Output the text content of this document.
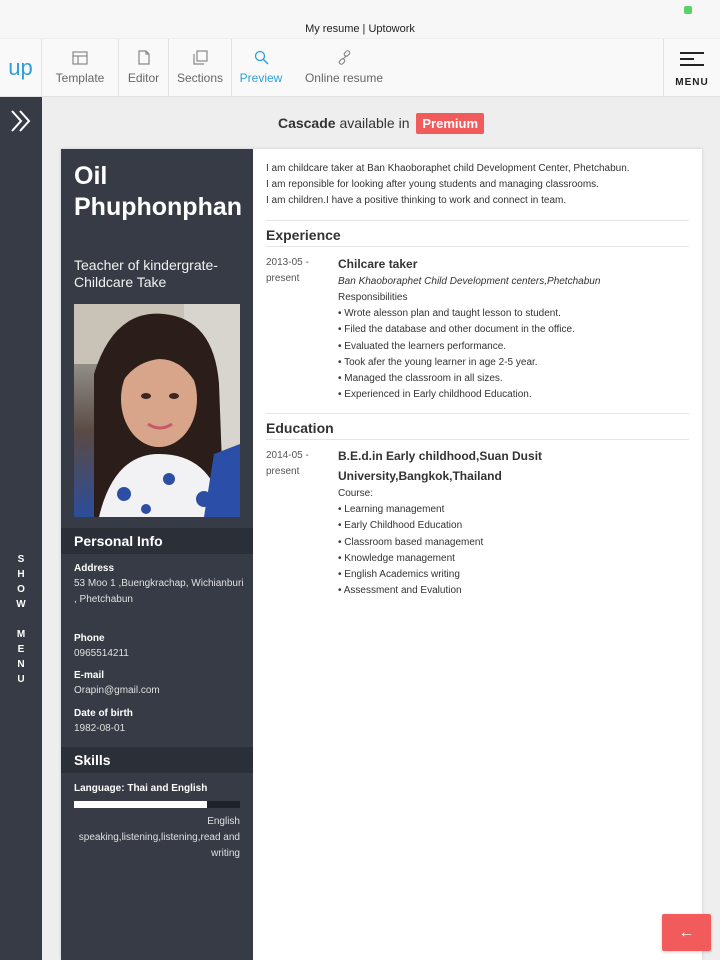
My resume | Uptowork
up	Template Editor Sections Preview Online resume	MENU
S
H
O
W

M
E
N
U
Cascade available in Premium
Oil Phuphonphan
Teacher of kindergrate-Childcare Take
Personal Info
Address
53 Moo 1 ,Buengkrachap, Wichianburi , Phetchabun
Phone
0965514211
E-mail
Orapin@gmail.com
Date of birth
1982-08-01
Skills
Language: Thai and English
English speaking,listening,listening,read and writing

I am childcare taker at Ban Khaoboraphet child Development Center, Phetchabun.

I am reponsible for looking after young students and managing classrooms.

I am children.I have a positive thinking to work and connect in team.

Experience
2013-05 - present
Chilcare taker
Ban Khaoboraphet Child Development centers,Phetchabun
Responsibilities
• Wrote alesson plan and taught lesson to student.
• Filed the database and other document in the office.
• Evaluated the learners performance.
• Took afer the young learner in age 2-5 year.
• Managed the classroom in all sizes.
• Experienced in Early childhood Education.
Education
2014-05 - present
B.E.d.in Early childhood,Suan Dusit University,Bangkok,Thailand
Course:
• Learning management
• Early Childhood Education
• Classroom based management
• Knowledge management
• English Academics writing
• Assessment and Evalution
←
